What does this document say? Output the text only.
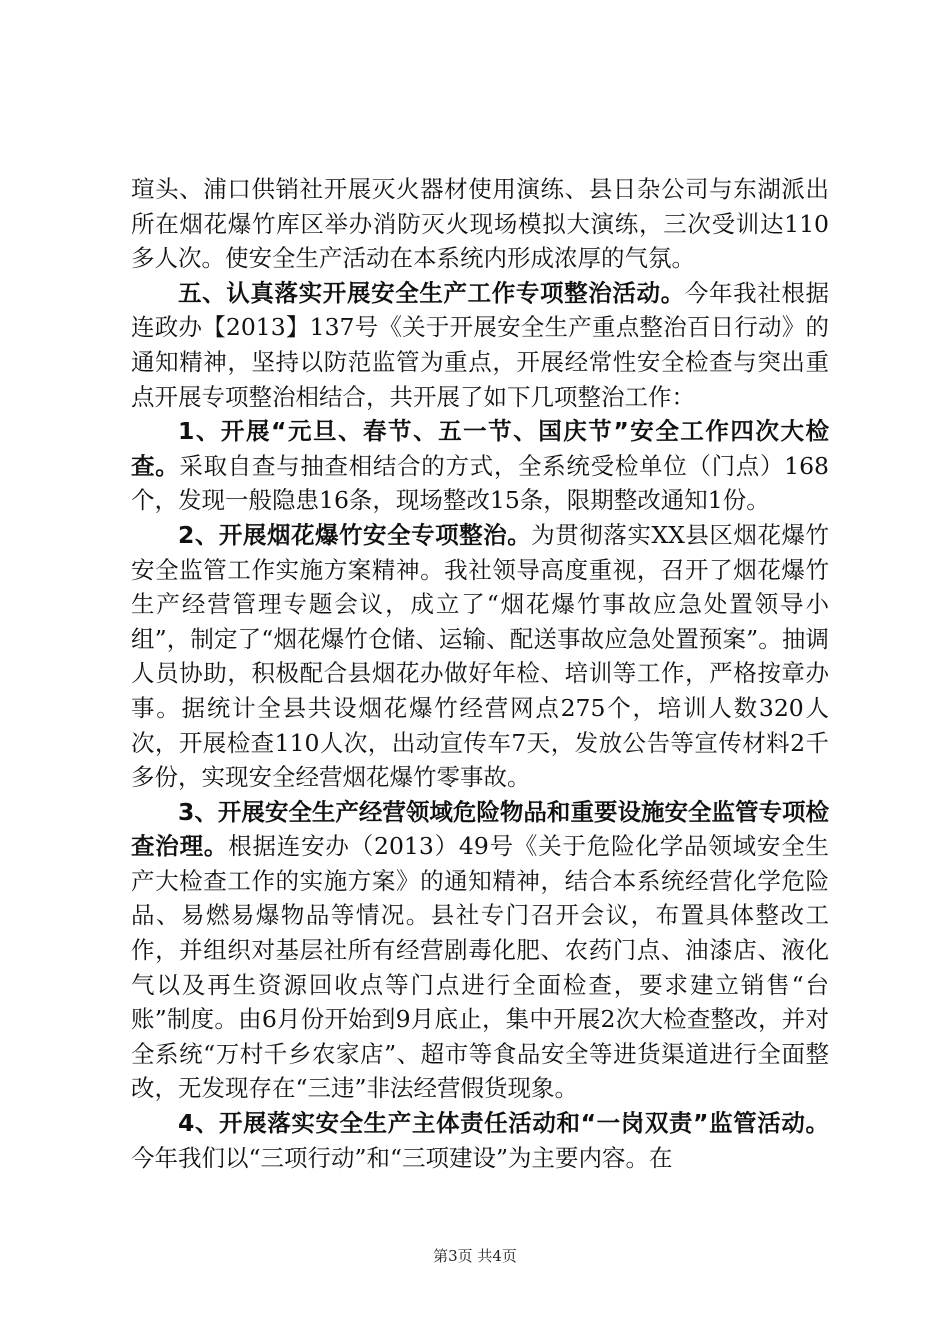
瑄头、浦口供销社开展灭火器材使用演练、县日杂公司与东湖派出所在烟花爆竹库区举办消防灭火现场模拟大演练，三次受训达110多人次。使安全生产活动在本系统内形成浓厚的气氛。

五、认真落实开展安全生产工作专项整治活动。今年我社根据连政办【2013】137号《关于开展安全生产重点整治百日行动》的通知精神，坚持以防范监管为重点，开展经常性安全检查与突出重点开展专项整治相结合，共开展了如下几项整治工作：

1、开展“元旦、春节、五一节、国庆节”安全工作四次大检查。采取自查与抽查相结合的方式，全系统受检单位（门点）168个，发现一般隐患16条，现场整改15条，限期整改通知1份。

2、开展烟花爆竹安全专项整治。为贯彻落实XX县区烟花爆竹安全监管工作实施方案精神。我社领导高度重视，召开了烟花爆竹生产经营管理专题会议，成立了“烟花爆竹事故应急处置领导小组”，制定了“烟花爆竹仓储、运输、配送事故应急处置预案”。抽调人员协助，积极配合县烟花办做好年检、培训等工作，严格按章办事。据统计全县共设烟花爆竹经营网点275个，培训人数320人次，开展检查110人次，出动宣传车7天，发放公告等宣传材料2千多份，实现安全经营烟花爆竹零事故。

3、开展安全生产经营领域危险物品和重要设施安全监管专项检查治理。根据连安办（2013）49号《关于危险化学品领域安全生产大检查工作的实施方案》的通知精神，结合本系统经营化学危险品、易燃易爆物品等情况。县社专门召开会议，布置具体整改工作，并组织对基层社所有经营剧毒化肥、农药门点、油漆店、液化气以及再生资源回收点等门点进行全面检查，要求建立销售“台账”制度。由6月份开始到9月底止，集中开展2次大检查整改，并对全系统“万村千乡农家店”、超市等食品安全等进货渠道进行全面整改，无发现存在“三违”非法经营假货现象。

4、开展落实安全生产主体责任活动和“一岗双责”监管活动。今年我们以“三项行动”和“三项建设”为主要内容。在

第3页 共4页
